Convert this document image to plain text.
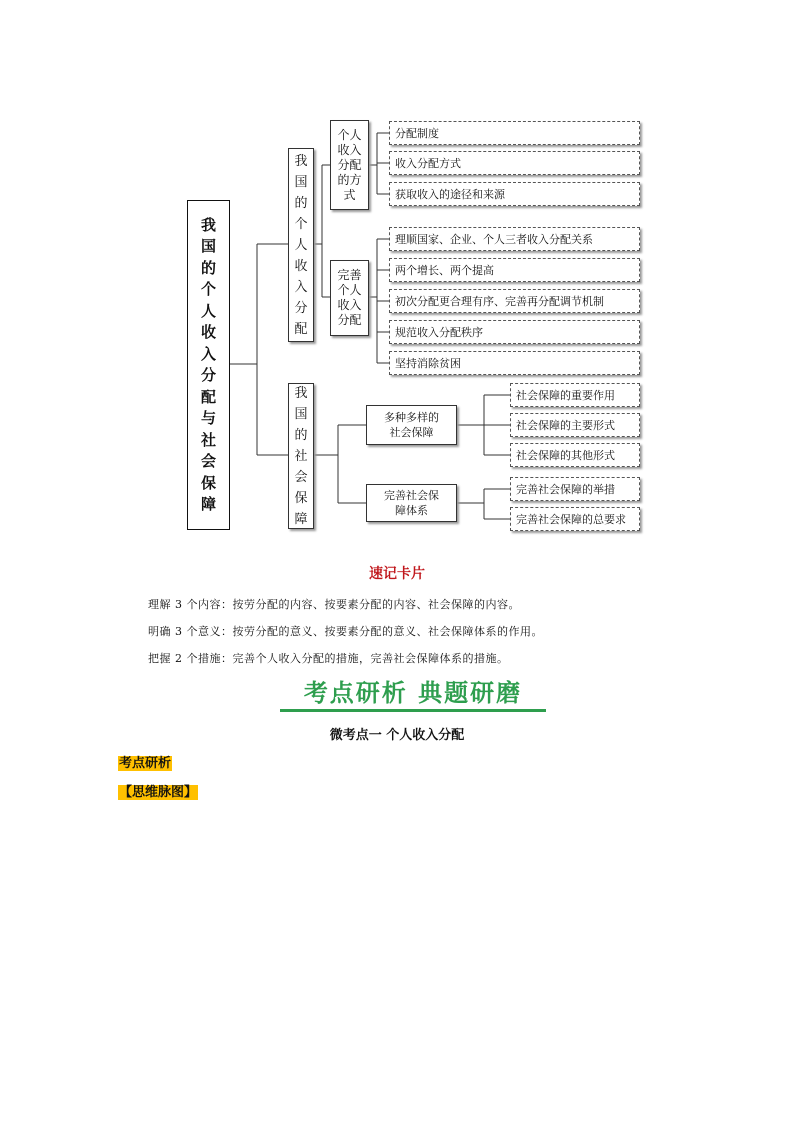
我国的个人收入分配与社会保障
我国的个人收入分配
个人收入分配的方式
完善个人收入分配
分配制度
收入分配方式
获取收入的途径和来源
理顺国家、企业、个人三者收入分配关系
两个增长、两个提高
初次分配更合理有序、完善再分配调节机制
规范收入分配秩序
坚持消除贫困
我国的社会保障
多种多样的社会保障
完善社会保障体系
社会保障的重要作用
社会保障的主要形式
社会保障的其他形式
完善社会保障的举措
完善社会保障的总要求
速记卡片
理解 3 个内容：按劳分配的内容、按要素分配的内容、社会保障的内容。
明确 3 个意义：按劳分配的意义、按要素分配的意义、社会保障体系的作用。
把握 2 个措施：完善个人收入分配的措施，完善社会保障体系的措施。
考点研析 典题研磨
微考点一 个人收入分配
考点研析
【思维脉图】
